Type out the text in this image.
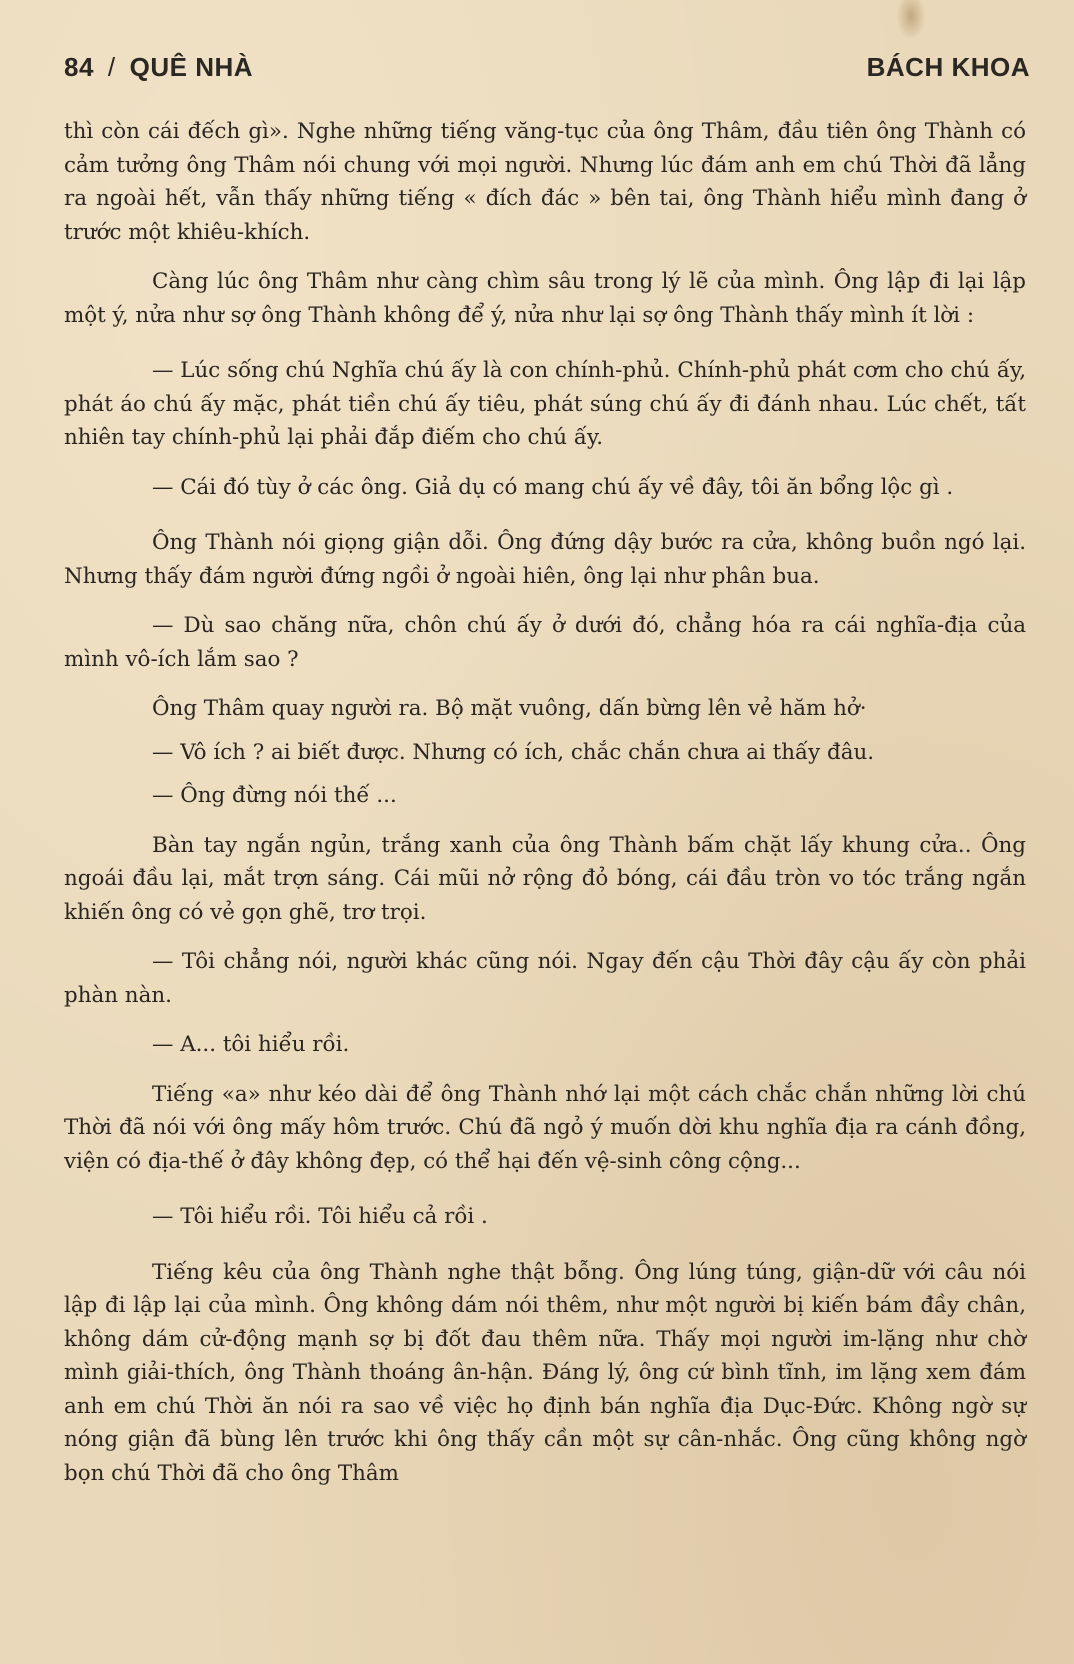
84 / QUÊ NHÀ	BÁCH KHOA

thì còn cái đếch gì». Nghe những tiếng văng-tục của ông Thâm, đầu tiên ông Thành có cảm tưởng ông Thâm nói chung với mọi người. Nhưng lúc đám anh em chú Thời đã lẳng ra ngoài hết, vẫn thấy những tiếng « đích đác » bên tai, ông Thành hiểu mình đang ở trước một khiêu-khích.

Càng lúc ông Thâm như càng chìm sâu trong lý lẽ của mình. Ông lập đi lại lập một ý, nửa như sợ ông Thành không để ý, nửa như lại sợ ông Thành thấy mình ít lời :

— Lúc sống chú Nghĩa chú ấy là con chính-phủ. Chính-phủ phát cơm cho chú ấy, phát áo chú ấy mặc, phát tiền chú ấy tiêu, phát súng chú ấy đi đánh nhau. Lúc chết, tất nhiên tay chính-phủ lại phải đắp điếm cho chú ấy.

— Cái đó tùy ở các ông. Giả dụ có mang chú ấy về đây, tôi ăn bổng lộc gì .

Ông Thành nói giọng giận dỗi. Ông đứng dậy bước ra cửa, không buồn ngó lại. Nhưng thấy đám người đứng ngồi ở ngoài hiên, ông lại như phân bua.

— Dù sao chăng nữa, chôn chú ấy ở dưới đó, chẳng hóa ra cái nghĩa-địa của mình vô-ích lắm sao ?

Ông Thâm quay người ra. Bộ mặt vuông, dấn bừng lên vẻ hăm hở·

— Vô ích ? ai biết được. Nhưng có ích, chắc chắn chưa ai thấy đâu.

— Ông đừng nói thế ...

Bàn tay ngắn ngủn, trắng xanh của ông Thành bấm chặt lấy khung cửa.. Ông ngoái đầu lại, mắt trợn sáng. Cái mũi nở rộng đỏ bóng, cái đầu tròn vo tóc trắng ngắn khiến ông có vẻ gọn ghẽ, trơ trọi.

— Tôi chẳng nói, người khác cũng nói. Ngay đến cậu Thời đây cậu ấy còn phải phàn nàn.

— A... tôi hiểu rồi.

Tiếng «a» như kéo dài để ông Thành nhớ lại một cách chắc chắn những lời chú Thời đã nói với ông mấy hôm trước. Chú đã ngỏ ý muốn dời khu nghĩa địa ra cánh đồng, viện có địa-thế ở đây không đẹp, có thể hại đến vệ-sinh công cộng...

— Tôi hiểu rồi. Tôi hiểu cả rồi .

Tiếng kêu của ông Thành nghe thật bỗng. Ông lúng túng, giận-dữ với câu nói lập đi lập lại của mình. Ông không dám nói thêm, như một người bị kiến bám đầy chân, không dám cử-động mạnh sợ bị đốt đau thêm nữa. Thấy mọi người im-lặng như chờ mình giải-thích, ông Thành thoáng ân-hận. Đáng lý, ông cứ bình tĩnh, im lặng xem đám anh em chú Thời ăn nói ra sao về việc họ định bán nghĩa địa Dục-Đức. Không ngờ sự nóng giận đã bùng lên trước khi ông thấy cần một sự cân-nhắc. Ông cũng không ngờ bọn chú Thời đã cho ông Thâm
